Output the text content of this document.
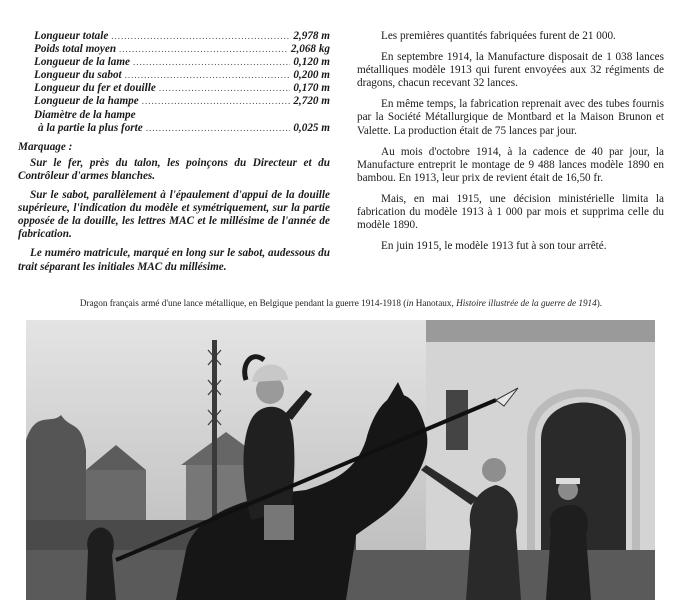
Longueur totale .....	2,978 m
Poids total moyen .....	2,068 kg
Longueur de la lame .....	0,120 m
Longueur du sabot .....	0,200 m
Longueur du fer et douille .....	0,170 m
Longueur de la hampe .....	2,720 m
Diamètre de la hampe
à la partie la plus forte .....	0,025 m
Marquage :

Sur le fer, près du talon, les poinçons du Directeur et du Contrôleur d'armes blanches.

Sur le sabot, parallèlement à l'épaulement d'appui de la douille supérieure, l'indication du modèle et symétriquement, sur la partie opposée de la douille, les lettres MAC et le millésime de l'année de fabrication.

Le numéro matricule, marqué en long sur le sabot, audessous du trait séparant les initiales MAC du millésime.

Les premières quantités fabriquées furent de 21 000.

En septembre 1914, la Manufacture disposait de 1 038 lances métalliques modèle 1913 qui furent envoyées aux 32 régiments de dragons, chacun recevant 32 lances.

En même temps, la fabrication reprenait avec des tubes fournis par la Société Métallurgique de Montbard et la Maison Brunon et Valette. La production était de 75 lances par jour.

Au mois d'octobre 1914, à la cadence de 40 par jour, la Manufacture entreprit le montage de 9 488 lances modèle 1890 en bambou. En 1913, leur prix de revient était de 16,50 fr.

Mais, en mai 1915, une décision ministérielle limita la fabrication du modèle 1913 à 1 000 par mois et supprima celle du modèle 1890.

En juin 1915, le modèle 1913 fut à son tour arrêté.

Dragon français armé d'une lance métallique, en Belgique pendant la guerre 1914-1918 (in Hanotaux, Histoire illustrée de la guerre de 1914).
